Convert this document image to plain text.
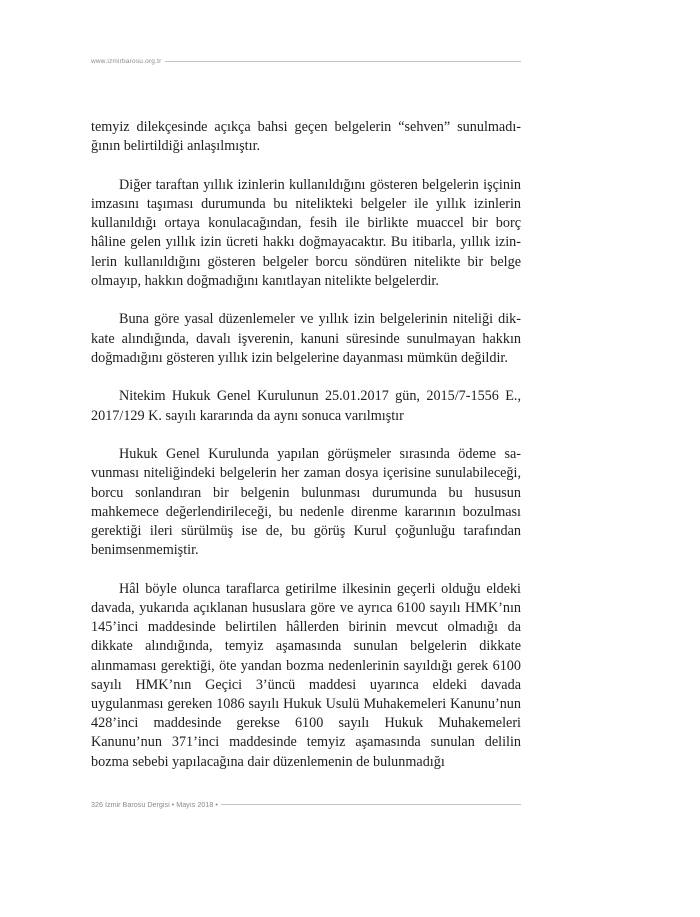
www.izmirbarosu.org.tr

temyiz dilekçesinde açıkça bahsi geçen belgelerin “sehven” sunulmadığının belirtildiği anlaşılmıştır.

Diğer taraftan yıllık izinlerin kullanıldığını gösteren belgelerin işçinin imzasını taşıması durumunda bu nitelikteki belgeler ile yıllık izinlerin kullanıldığı ortaya konulacağından, fesih ile birlikte muaccel bir borç hâline gelen yıllık izin ücreti hakkı doğmayacaktır. Bu itibarla, yıllık izinlerin kullanıldığını gösteren belgeler borcu söndüren nitelikte bir belge olmayıp, hakkın doğmadığını kanıtlayan nitelikte belgelerdir.

Buna göre yasal düzenlemeler ve yıllık izin belgelerinin niteliği dikkate alındığında, davalı işverenin, kanuni süresinde sunulmayan hakkın doğmadığını gösteren yıllık izin belgelerine dayanması mümkün değildir.

Nitekim Hukuk Genel Kurulunun 25.01.2017 gün, 2015/7-1556 E., 2017/129 K. sayılı kararında da aynı sonuca varılmıştır

Hukuk Genel Kurulunda yapılan görüşmeler sırasında ödeme savunması niteliğindeki belgelerin her zaman dosya içerisine sunulabileceği, borcu sonlandıran bir belgenin bulunması durumunda bu hususun mahkemece değerlendirileceği, bu nedenle direnme kararının bozulması gerektiği ileri sürülmüş ise de, bu görüş Kurul çoğunluğu tarafından benimsenmemiştir.

Hâl böyle olunca taraflarca getirilme ilkesinin geçerli olduğu eldeki davada, yukarıda açıklanan hususlara göre ve ayrıca 6100 sayılı HMK’nın 145’inci maddesinde belirtilen hâllerden birinin mevcut olmadığı da dikkate alındığında, temyiz aşamasında sunulan belgelerin dikkate alınmaması gerektiği, öte yandan bozma nedenlerinin sayıldığı gerek 6100 sayılı HMK’nın Geçici 3’üncü maddesi uyarınca eldeki davada uygulanması gereken 1086 sayılı Hukuk Usulü Muhakemeleri Kanunu’nun 428’inci maddesinde gerekse 6100 sayılı Hukuk Muhakemeleri Kanunu’nun 371’inci maddesinde temyiz aşamasında sunulan delilin bozma sebebi yapılacağına dair düzenlemenin de bulunmadığı

326 İzmir Barosu Dergisi • Mayıs 2018 •
